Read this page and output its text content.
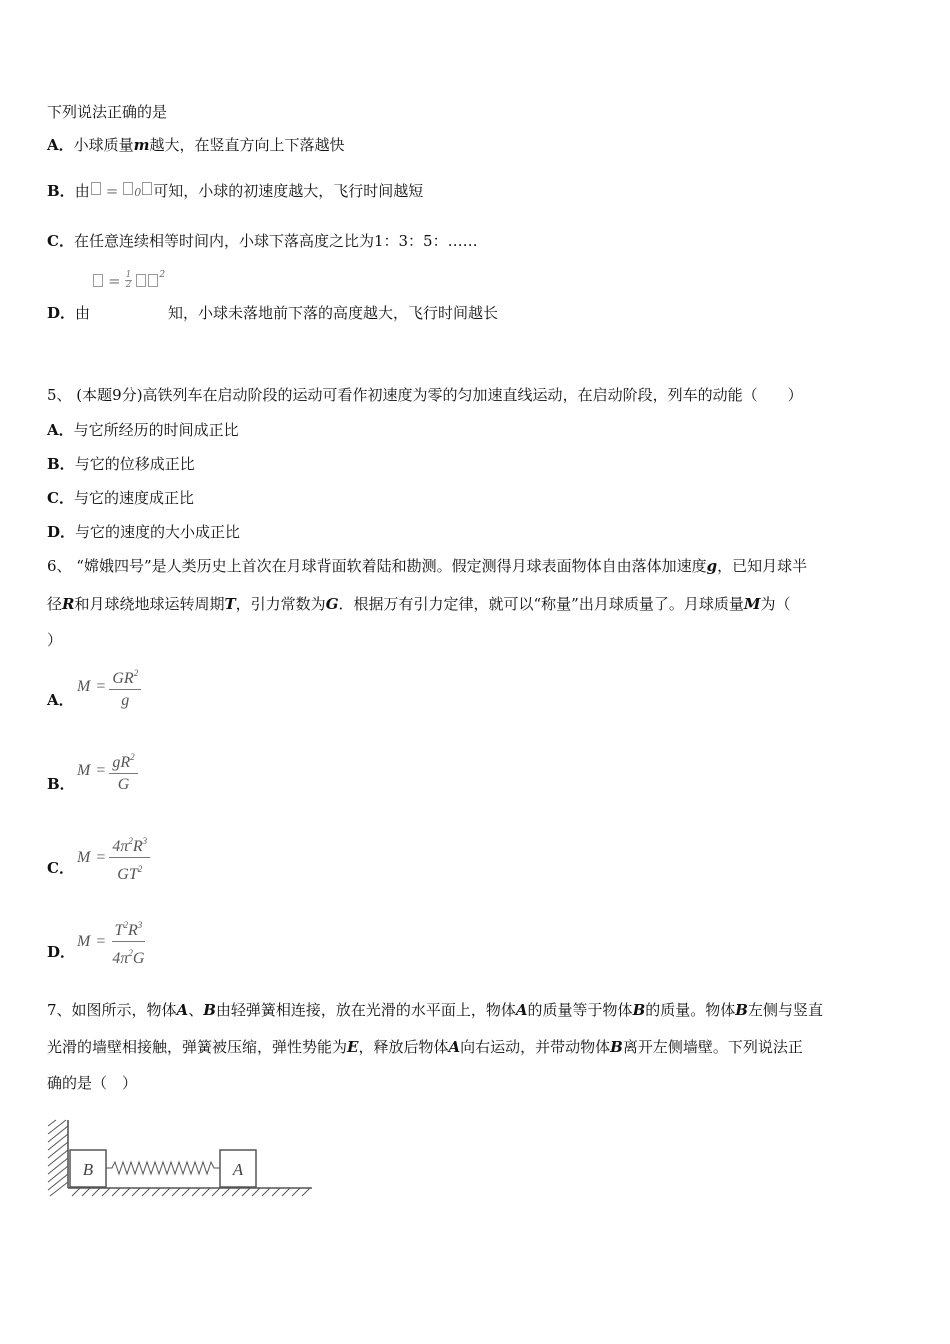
下列说法正确的是
A．小球质量m越大，在竖直方向上下落越快
B．由 = 0 可知，小球的初速度越大，飞行时间越短
C．在任意连续相等时间内，小球下落高度之比为1：3：5：……
= $\frac{1}{2}$	2
D．由	知，小球未落地前下落的高度越大，飞行时间越长
5、 (本题9分)高铁列车在启动阶段的运动可看作初速度为零的匀加速直线运动，在启动阶段，列车的动能（　　）
A．与它所经历的时间成正比
B．与它的位移成正比
C．与它的速度成正比
D．与它的速度的大小成正比
6、 “嫦娥四号”是人类历史上首次在月球背面软着陆和勘测。假定测得月球表面物体自由落体加速度g，已知月球半
径R和月球绕地球运转周期T，引力常数为G．根据万有引力定律，就可以“称量”出月球质量了。月球质量M为（
）
A．
$M = \frac{GR^2}{g}$
B．
$M = \frac{gR^2}{G}$
C．
$M = \frac{4\pi^2R^3}{GT^2}$
D．
$M = \frac{T^2R^3}{4\pi^2G}$
7、如图所示，物体A、B由轻弹簧相连接，放在光滑的水平面上，物体A的质量等于物体B的质量。物体B左侧与竖直
光滑的墙壁相接触，弹簧被压缩，弹性势能为E，释放后物体A向右运动，并带动物体B离开左侧墙壁。下列说法正
确的是（　）
B	A
